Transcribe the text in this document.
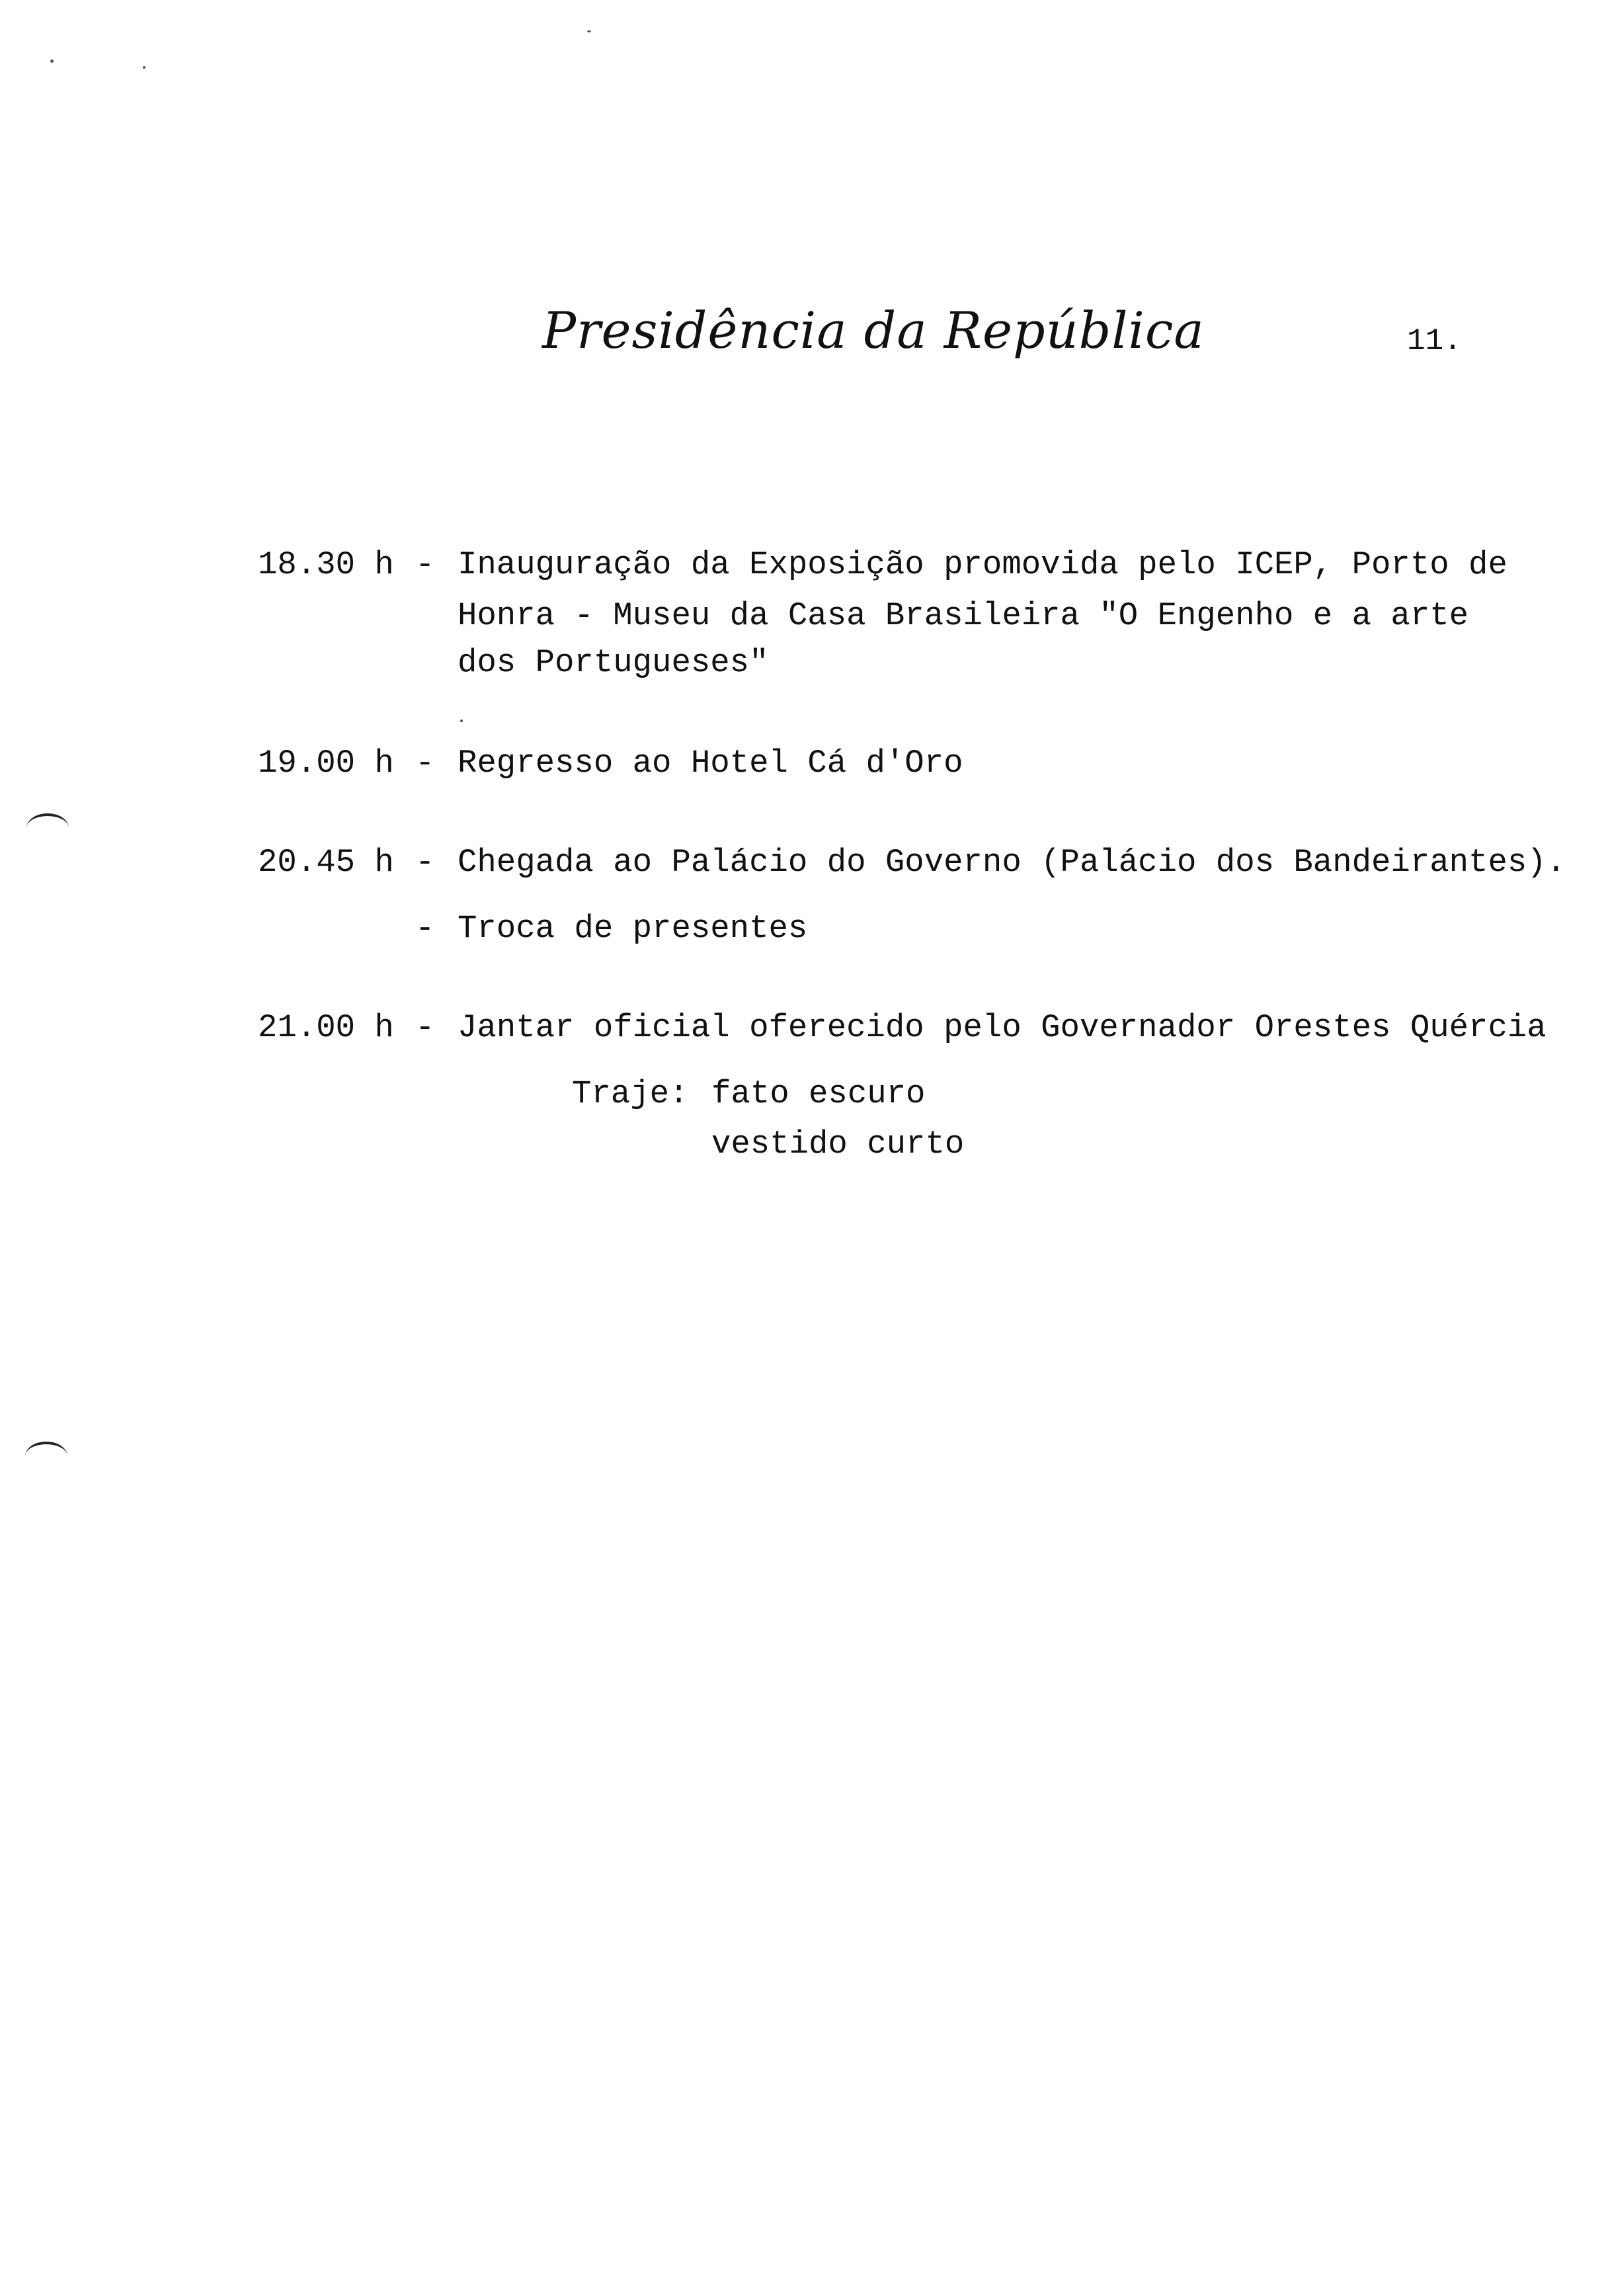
Presidência da República	11.
18.30 h - Inauguração da Exposição promovida pelo ICEP, Porto de
Honra - Museu da Casa Brasileira "O Engenho e a arte
dos Portugueses"
19.00 h - Regresso ao Hotel Cá d'Oro
20.45 h - Chegada ao Palácio do Governo (Palácio dos Bandeirantes).
- Troca de presentes
21.00 h - Jantar oficial oferecido pelo Governador Orestes Quércia
Traje: fato escuro
vestido curto
